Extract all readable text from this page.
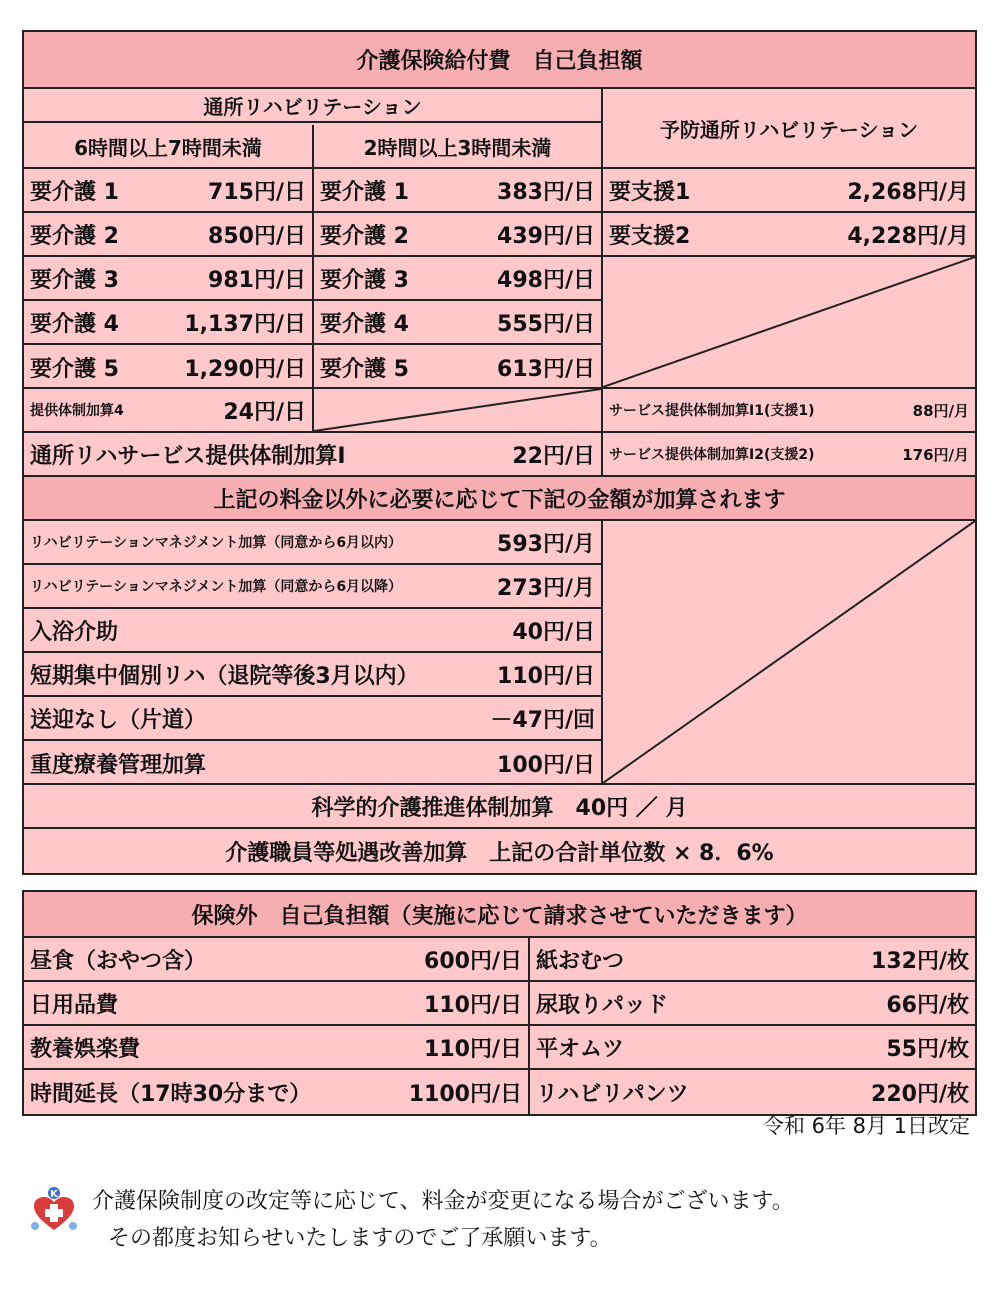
介護保険給付費　自己負担額
通所リハビリテーション
6時間以上7時間未満	2時間以上3時間未満
予防通所リハビリテーション
要介護 1	715円/日 要介護 1	383円/日 要支援1	2,268円/月
要介護 2	850円/日 要介護 2	439円/日 要支援2	4,228円/月
要介護 3	981円/日 要介護 3	498円/日
要介護 4	1,137円/日 要介護 4	555円/日
要介護 5	1,290円/日 要介護 5	613円/日
提供体制加算4	24円/日	サービス提供体制加算Ⅰ1(支援1)	88円/月
通所リハサービス提供体制加算Ⅰ	22円/日 サービス提供体制加算Ⅰ2(支援2)	176円/月
上記の料金以外に必要に応じて下記の金額が加算されます
リハビリテーションマネジメント加算（同意から6月以内）	593円/月
リハビリテーションマネジメント加算（同意から6月以降）	273円/月
入浴介助	40円/日
短期集中個別リハ（退院等後3月以内）	110円/日
送迎なし（片道）	－47円/回
重度療養管理加算	100円/日
科学的介護推進体制加算　40円 ／ 月
介護職員等処遇改善加算　上記の合計単位数 × 8．6%
保険外　自己負担額（実施に応じて請求させていただきます）
昼食（おやつ含）	600円/日 紙おむつ	132円/枚
日用品費	110円/日 尿取りパッド	66円/枚
教養娯楽費	110円/日 平オムツ	55円/枚
時間延長（17時30分まで）	1100円/日 リハビリパンツ	220円/枚
令和 6年 8月 1日改定
K 介護保険制度の改定等に応じて、料金が変更になる場合がございます。
その都度お知らせいたしますのでご了承願います。
